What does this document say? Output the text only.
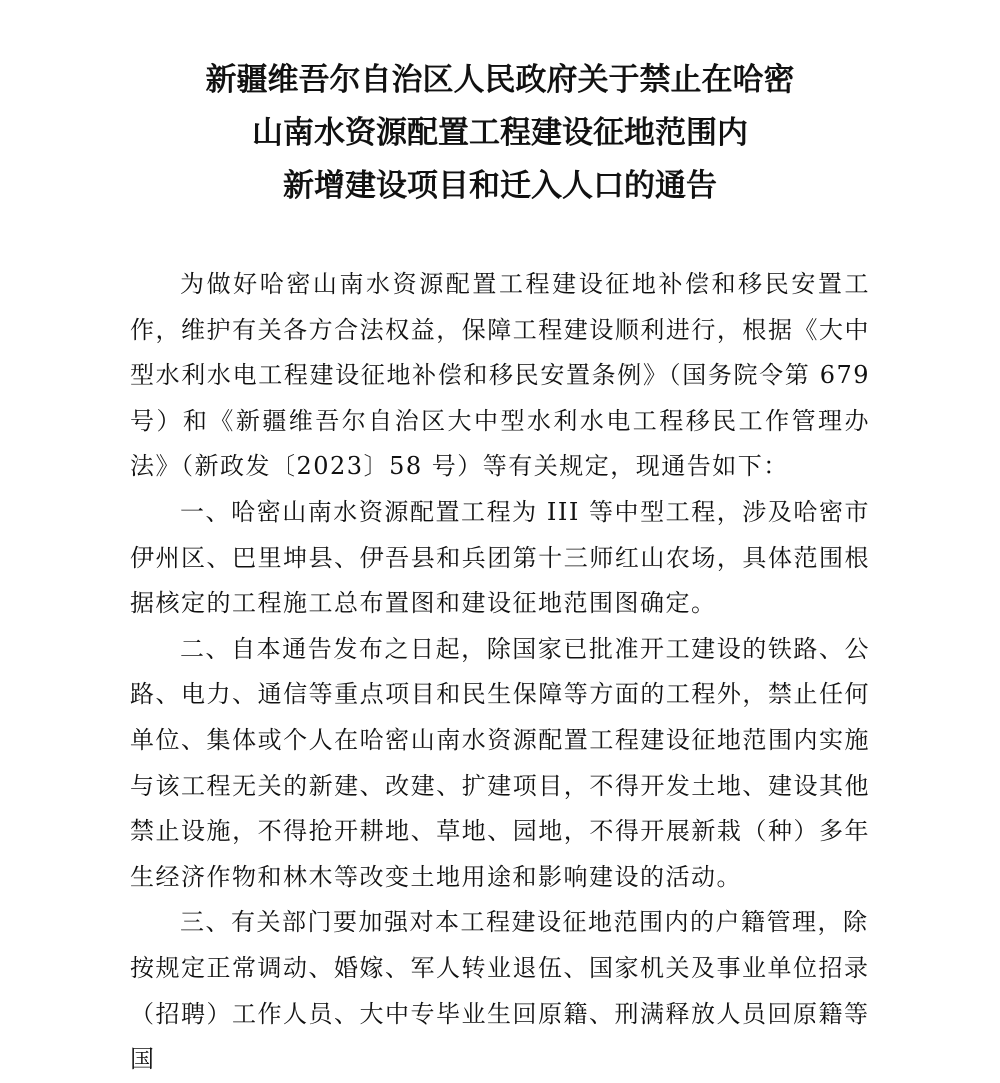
新疆维吾尔自治区人民政府关于禁止在哈密
山南水资源配置工程建设征地范围内
新增建设项目和迁入人口的通告

为做好哈密山南水资源配置工程建设征地补偿和移民安置工作，维护有关各方合法权益，保障工程建设顺利进行，根据《大中型水利水电工程建设征地补偿和移民安置条例》（国务院令第 679 号）和《新疆维吾尔自治区大中型水利水电工程移民工作管理办法》（新政发〔2023〕58 号）等有关规定，现通告如下：

一、哈密山南水资源配置工程为 III 等中型工程，涉及哈密市伊州区、巴里坤县、伊吾县和兵团第十三师红山农场，具体范围根据核定的工程施工总布置图和建设征地范围图确定。

二、自本通告发布之日起，除国家已批准开工建设的铁路、公路、电力、通信等重点项目和民生保障等方面的工程外，禁止任何单位、集体或个人在哈密山南水资源配置工程建设征地范围内实施与该工程无关的新建、改建、扩建项目，不得开发土地、建设其他禁止设施，不得抢开耕地、草地、园地，不得开展新栽（种）多年生经济作物和林木等改变土地用途和影响建设的活动。

三、有关部门要加强对本工程建设征地范围内的户籍管理，除按规定正常调动、婚嫁、军人转业退伍、国家机关及事业单位招录（招聘）工作人员、大中专毕业生回原籍、刑满释放人员回原籍等国
